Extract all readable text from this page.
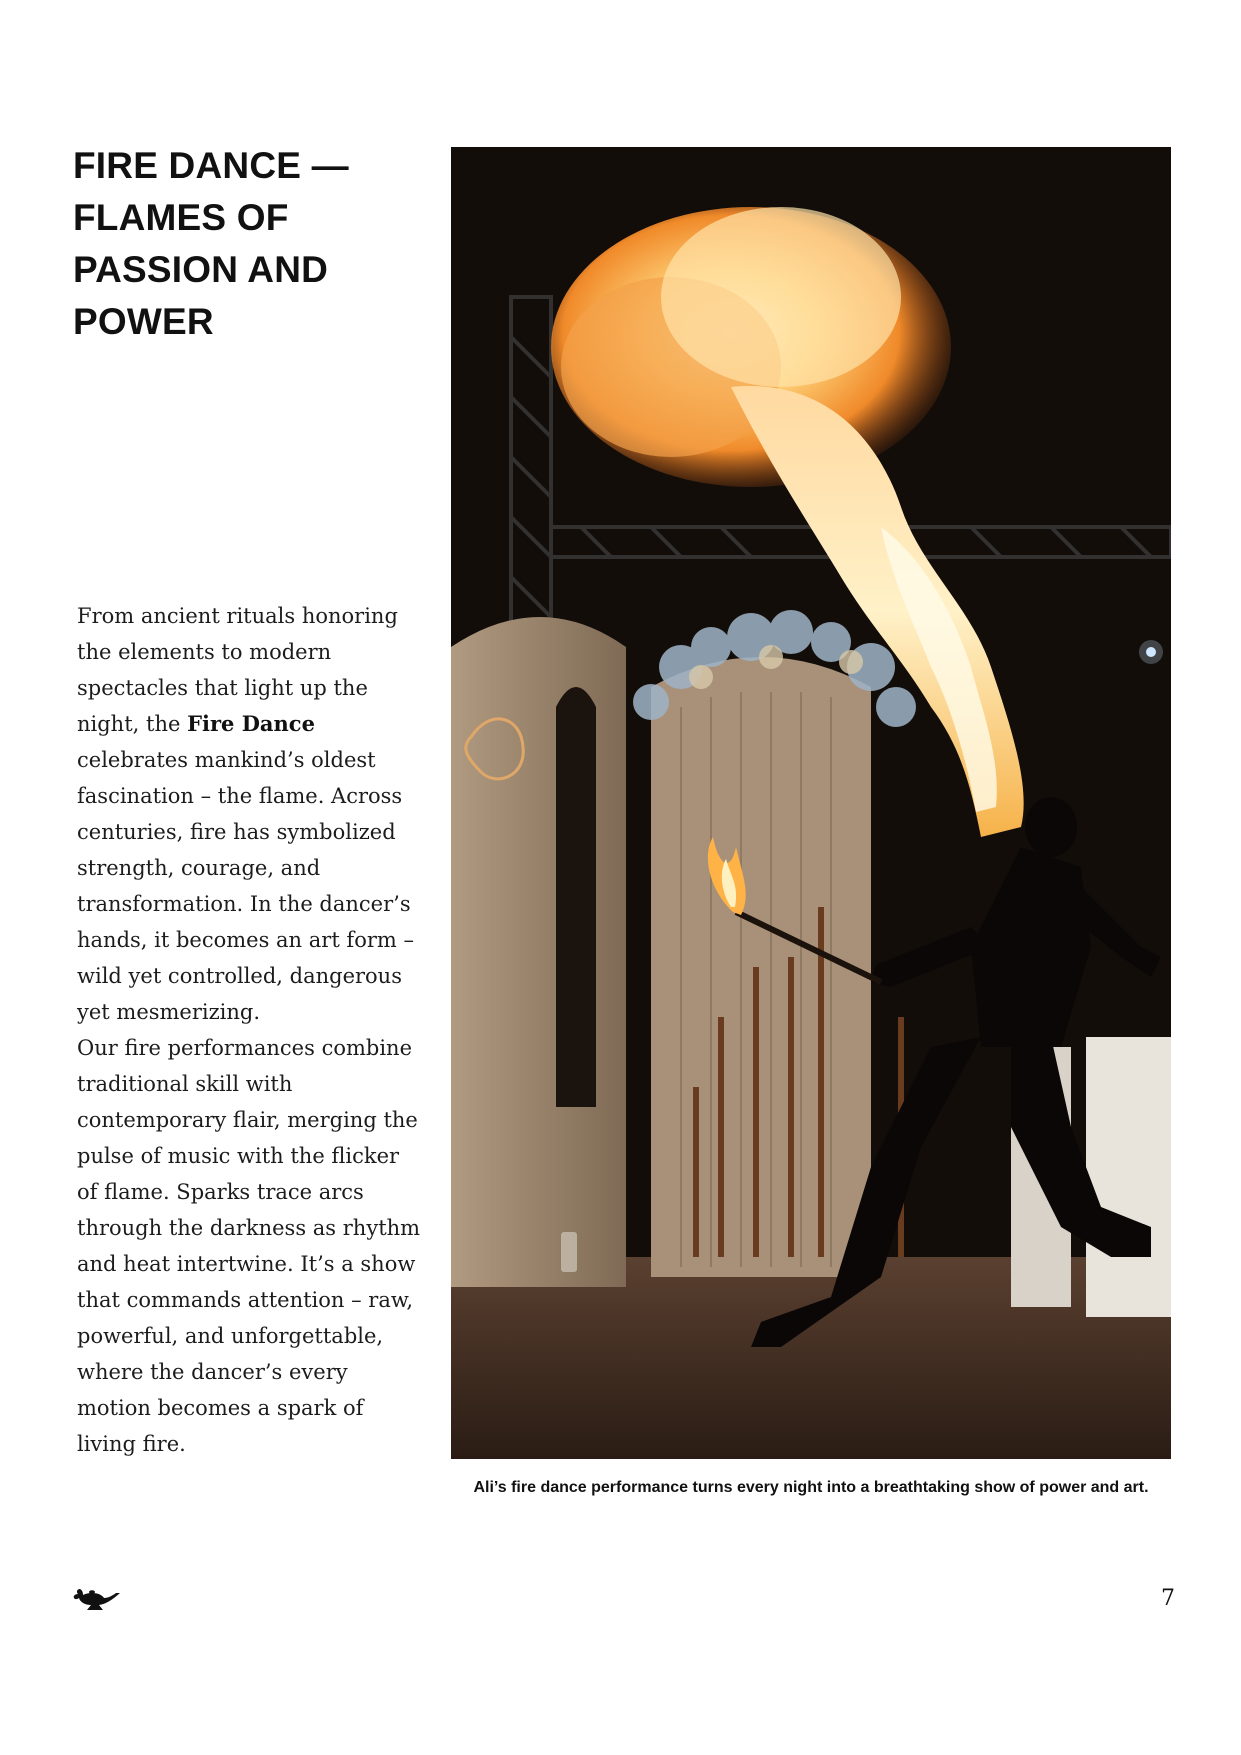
FIRE DANCE —
FLAMES OF
PASSION AND
POWER

From ancient rituals honoring the elements to modern spectacles that light up the night, the Fire Dance celebrates mankind’s oldest fascination – the flame. Across centuries, fire has symbolized strength, courage, and transformation. In the dancer’s hands, it becomes an art form – wild yet controlled, dangerous yet mesmerizing.

Our fire performances combine traditional skill with contemporary flair, merging the pulse of music with the flicker of flame. Sparks trace arcs through the darkness as rhythm and heat intertwine. It’s a show that commands attention – raw, powerful, and unforgettable, where the dancer’s every motion becomes a spark of living fire.

Ali’s fire dance performance turns every night into a breathtaking show of power and art.
7
